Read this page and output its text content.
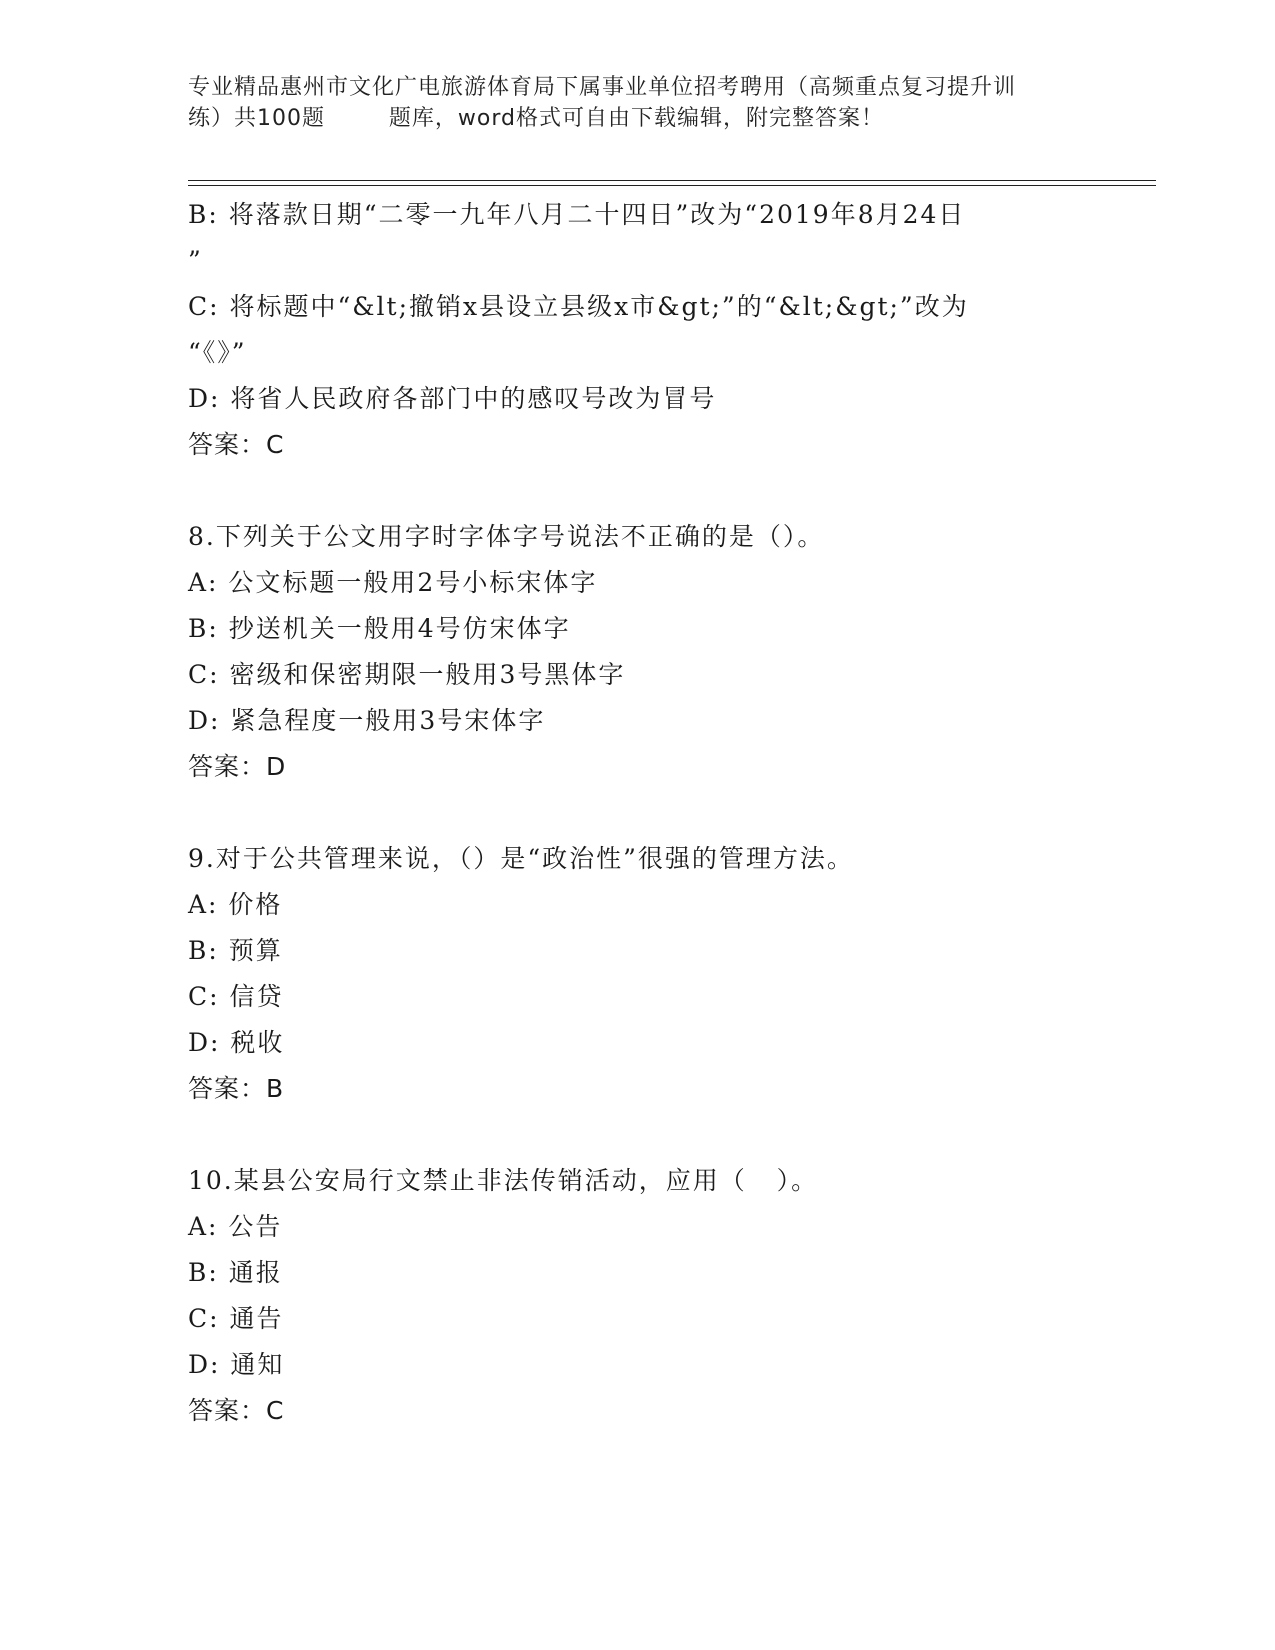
专业精品惠州市文化广电旅游体育局下属事业单位招考聘用（高频重点复习提升训
练）共100题        题库，word格式可自由下载编辑，附完整答案！
B: 将落款日期“二零一九年八月二十四日”改为“2019年8月24日
”
C: 将标题中“&lt;撤销x县设立县级x市&gt;”的“&lt;&gt;”改为
“《》”
D: 将省人民政府各部门中的感叹号改为冒号
答案：C
8.下列关于公文用字时字体字号说法不正确的是（）。
A: 公文标题一般用2号小标宋体字
B: 抄送机关一般用4号仿宋体字
C: 密级和保密期限一般用3号黑体字
D: 紧急程度一般用3号宋体字
答案：D
9.对于公共管理来说，（）是“政治性”很强的管理方法。
A: 价格
B: 预算
C: 信贷
D: 税收
答案：B
10.某县公安局行文禁止非法传销活动，应用（   ）。
A: 公告
B: 通报
C: 通告
D: 通知
答案：C
